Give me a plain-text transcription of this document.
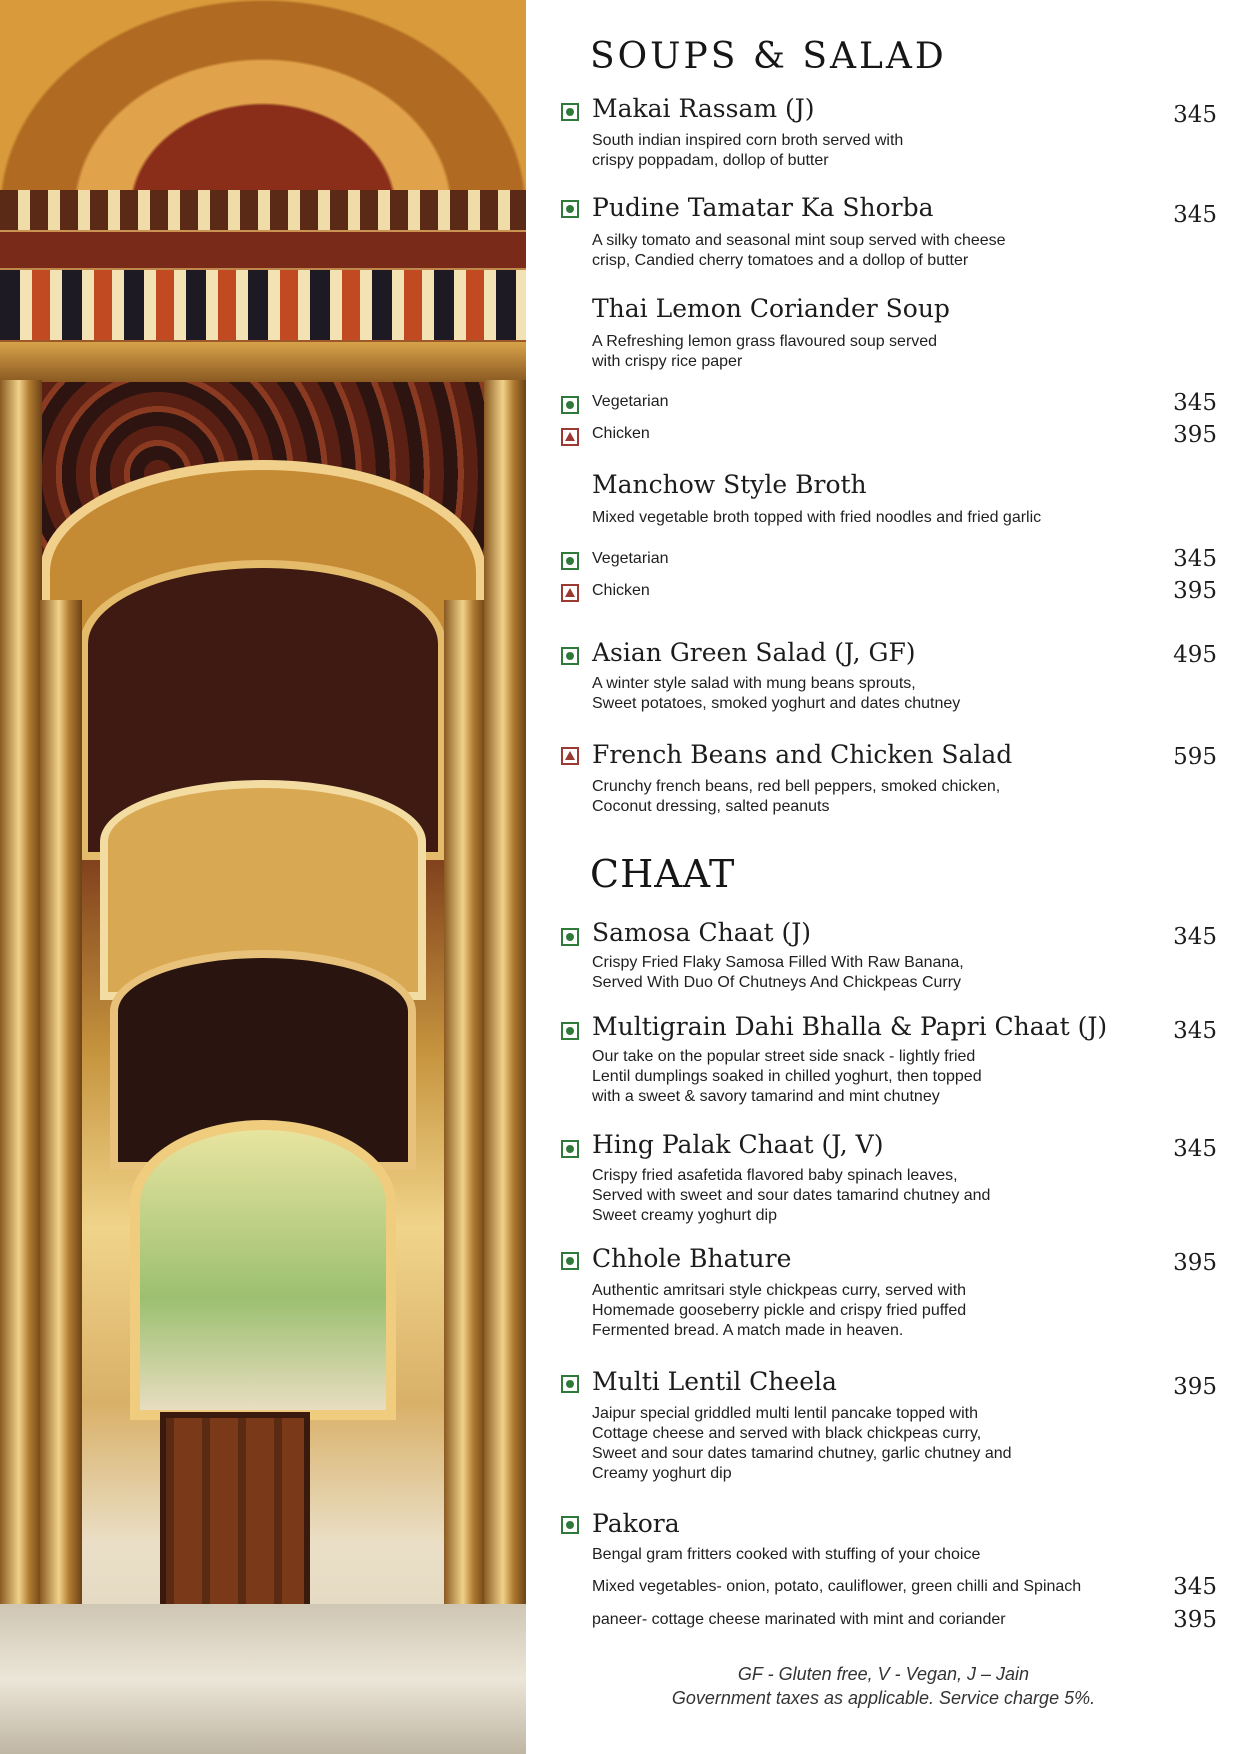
SOUPS & SALAD
Makai Rassam (J)	345
South indian inspired corn broth served with
crispy poppadam, dollop of butter
Pudine Tamatar Ka Shorba	345
A silky tomato and seasonal mint soup served with cheese
crisp, Candied cherry tomatoes and a dollop of butter
Thai Lemon Coriander Soup
A Refreshing lemon grass flavoured soup served
with crispy rice paper
Vegetarian	345
Chicken	395
Manchow Style Broth
Mixed vegetable broth topped with fried noodles and fried garlic
Vegetarian	345
Chicken	395
Asian Green Salad (J, GF)	495
A winter style salad with mung beans sprouts,
Sweet potatoes, smoked yoghurt and dates chutney
French Beans and Chicken Salad	595
Crunchy french beans, red bell peppers, smoked chicken,
Coconut dressing, salted peanuts
CHAAT
Samosa Chaat (J)	345
Crispy Fried Flaky Samosa Filled With Raw Banana,
Served With Duo Of Chutneys And Chickpeas Curry
Multigrain Dahi Bhalla & Papri Chaat (J)	345
Our take on the popular street side snack - lightly fried
Lentil dumplings soaked in chilled yoghurt, then topped
with a sweet & savory tamarind and mint chutney
Hing Palak Chaat (J, V)	345
Crispy fried asafetida flavored baby spinach leaves,
Served with sweet and sour dates tamarind chutney and
Sweet creamy yoghurt dip
Chhole Bhature	395
Authentic amritsari style chickpeas curry, served with
Homemade gooseberry pickle and crispy fried puffed
Fermented bread. A match made in heaven.
Multi Lentil Cheela	395
Jaipur special griddled multi lentil pancake topped with
Cottage cheese and served with black chickpeas curry,
Sweet and sour dates tamarind chutney, garlic chutney and
Creamy yoghurt dip
Pakora
Bengal gram fritters cooked with stuffing of your choice
Mixed vegetables- onion, potato, cauliflower, green chilli and Spinach	345
paneer- cottage cheese marinated with mint and coriander	395
GF - Gluten free, V - Vegan, J – Jain
Government taxes as applicable. Service charge 5%.
